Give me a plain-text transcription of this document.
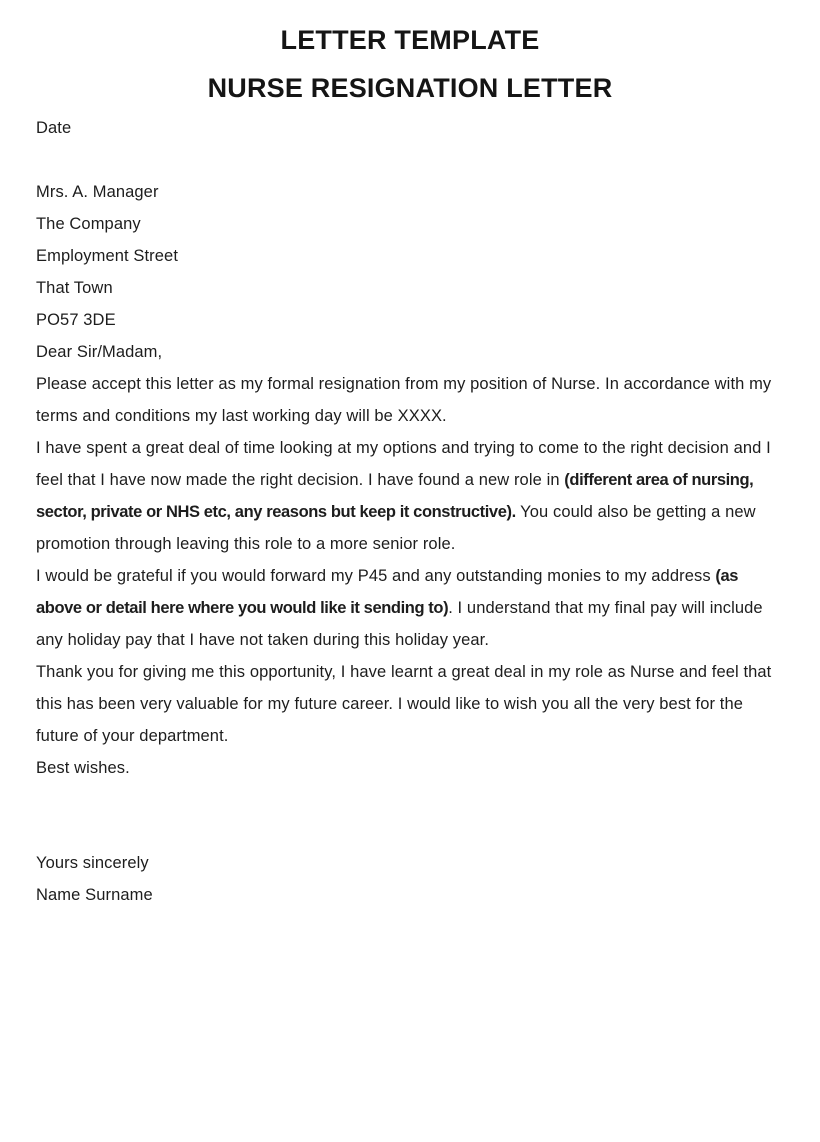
LETTER TEMPLATE
NURSE RESIGNATION LETTER

Date

Mrs. A. Manager

The Company

Employment Street

That Town

PO57 3DE

Dear Sir/Madam,

Please accept this letter as my formal resignation from my position of Nurse. In accordance with my terms and conditions my last working day will be XXXX.

I have spent a great deal of time looking at my options and trying to come to the right decision and I feel that I have now made the right decision. I have found a new role in (different area of nursing, sector, private or NHS etc, any reasons but keep it constructive). You could also be getting a new promotion through leaving this role to a more senior role.

I would be grateful if you would forward my P45 and any outstanding monies to my address (as above or detail here where you would like it sending to). I understand that my final pay will include any holiday pay that I have not taken during this holiday year.

Thank you for giving me this opportunity, I have learnt a great deal in my role as Nurse and feel that this has been very valuable for my future career. I would like to wish you all the very best for the future of your department.

Best wishes.

Yours sincerely

Name Surname
